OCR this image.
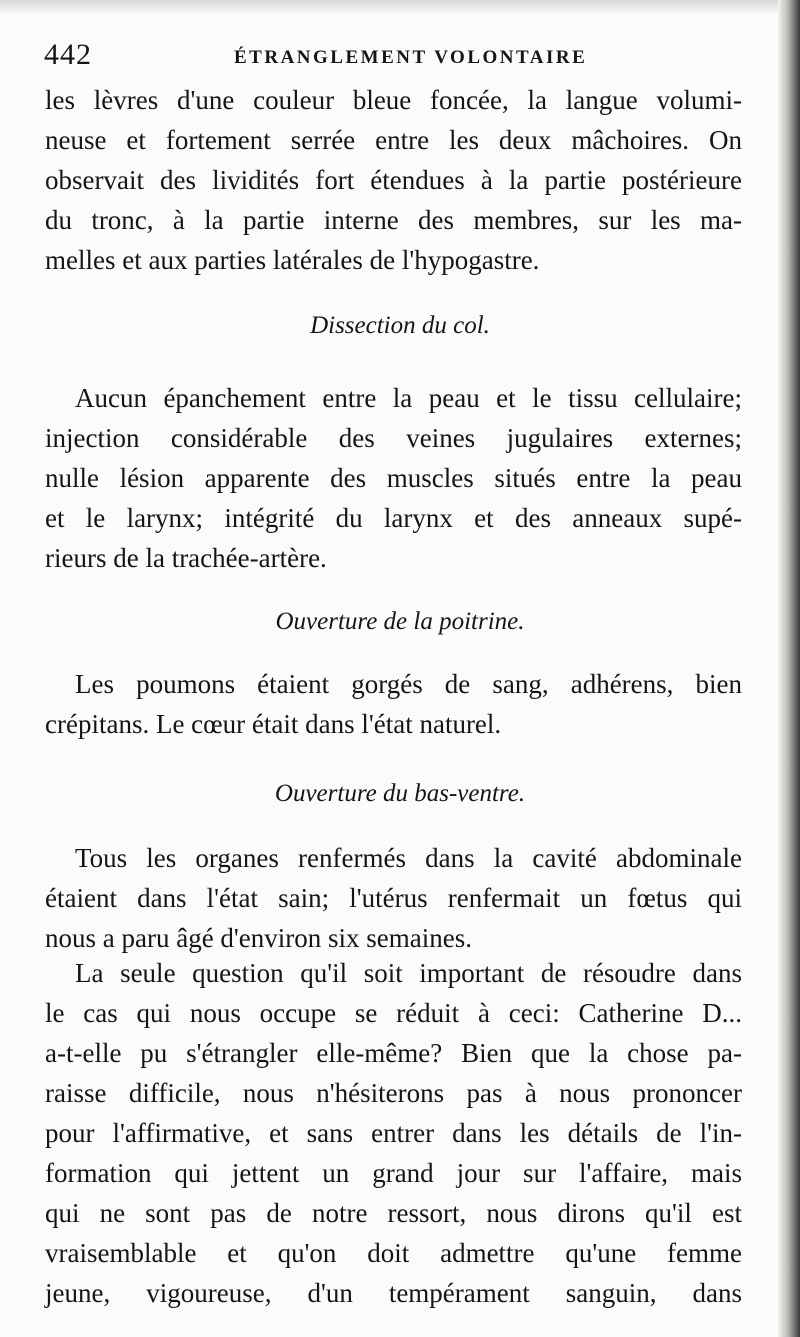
442	ÉTRANGLEMENT VOLONTAIRE
les lèvres d'une couleur bleue foncée, la langue volumi-
neuse et fortement serrée entre les deux mâchoires. On
observait des lividités fort étendues à la partie postérieure
du tronc, à la partie interne des membres, sur les ma-
melles et aux parties latérales de l'hypogastre.
Dissection du col.
Aucun épanchement entre la peau et le tissu cellulaire;
injection considérable des veines jugulaires externes;
nulle lésion apparente des muscles situés entre la peau
et le larynx; intégrité du larynx et des anneaux supé-
rieurs de la trachée-artère.
Ouverture de la poitrine.
Les poumons étaient gorgés de sang, adhérens, bien
crépitans. Le cœur était dans l'état naturel.
Ouverture du bas-ventre.
Tous les organes renfermés dans la cavité abdominale
étaient dans l'état sain; l'utérus renfermait un fœtus qui
nous a paru âgé d'environ six semaines.
La seule question qu'il soit important de résoudre dans
le cas qui nous occupe se réduit à ceci: Catherine D...
a-t-elle pu s'étrangler elle-même? Bien que la chose pa-
raisse difficile, nous n'hésiterons pas à nous prononcer
pour l'affirmative, et sans entrer dans les détails de l'in-
formation qui jettent un grand jour sur l'affaire, mais
qui ne sont pas de notre ressort, nous dirons qu'il est
vraisemblable et qu'on doit admettre qu'une femme
jeune, vigoureuse, d'un tempérament sanguin, dans
